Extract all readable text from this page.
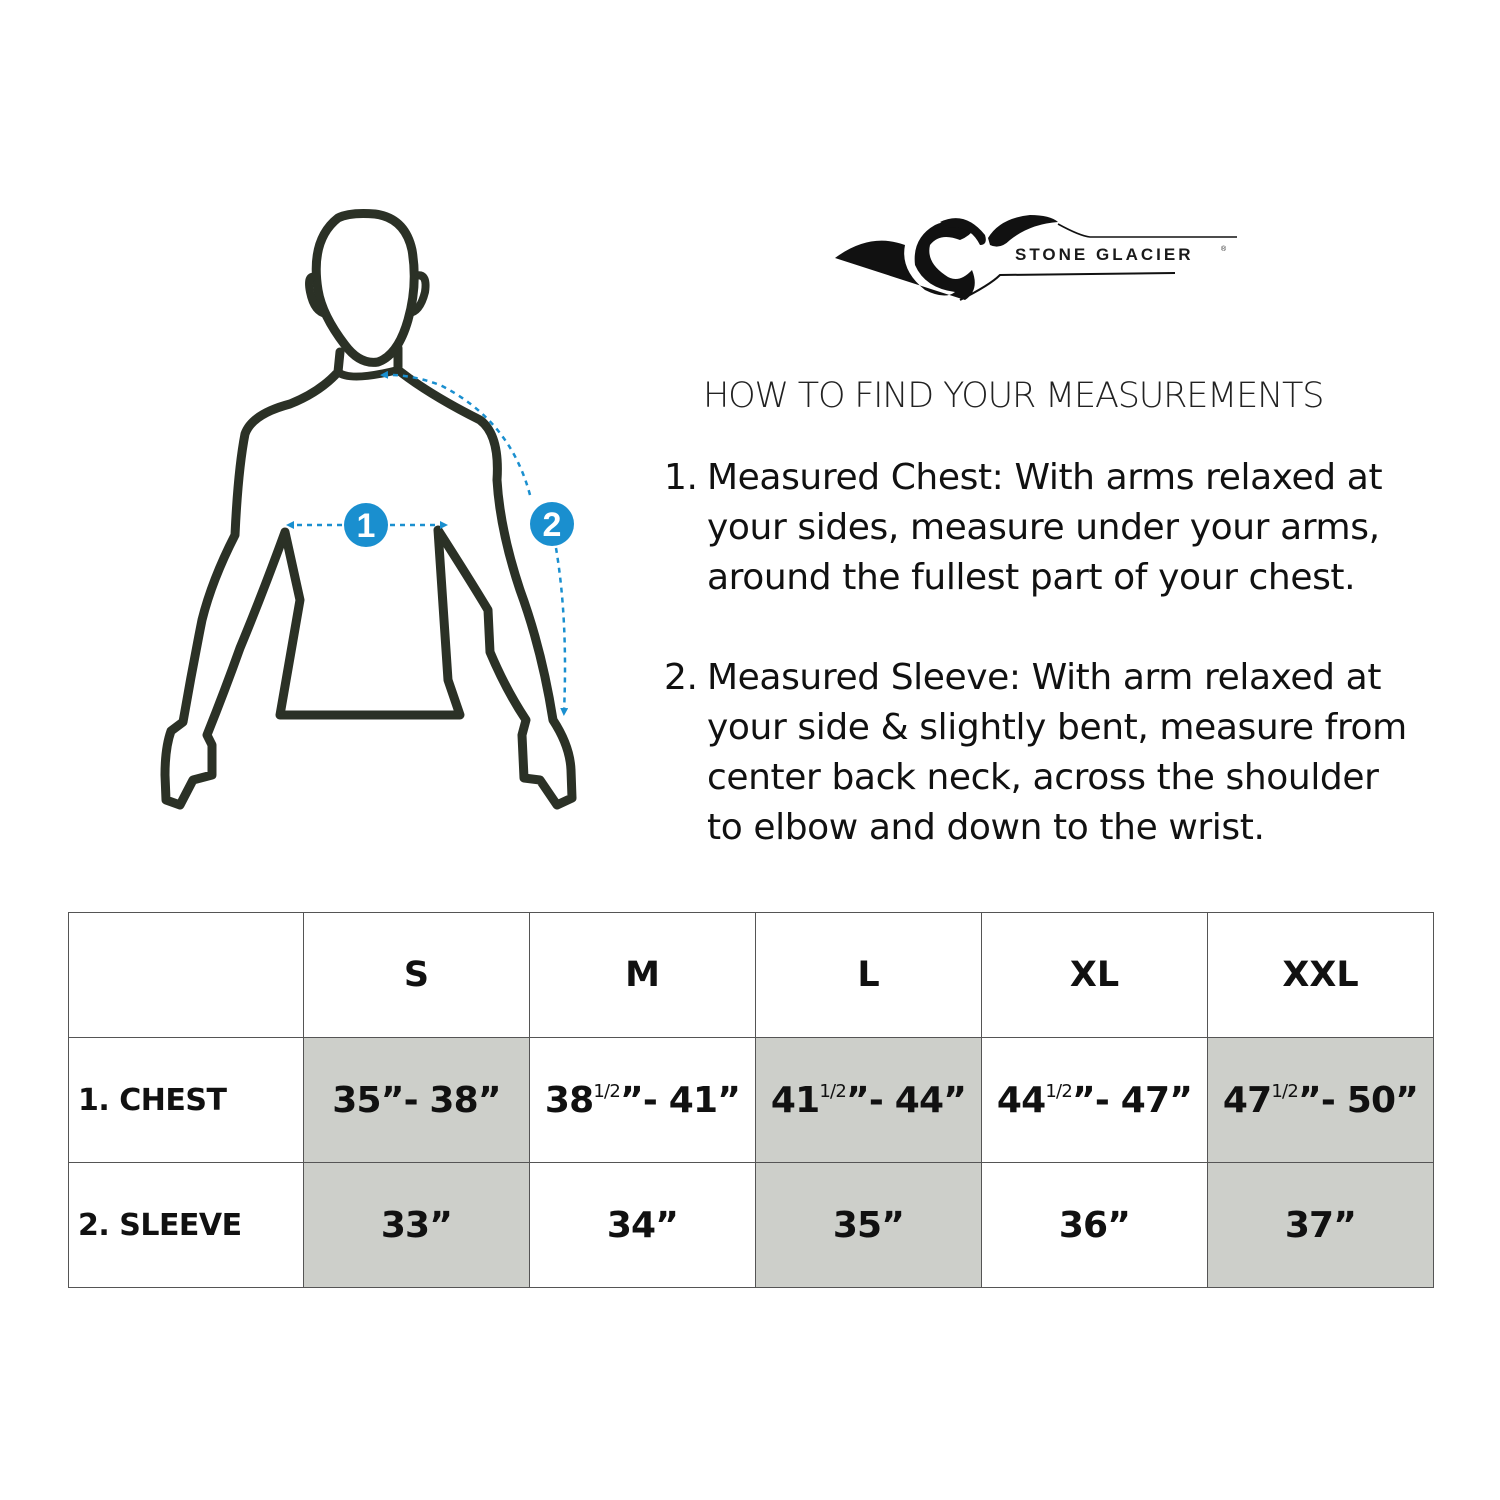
1	2
STONE GLACIER	®
HOW TO FIND YOUR MEASUREMENTS
1. Measured Chest: With arms relaxed at
your sides, measure under your arms,
around the fullest part of your chest.
2. Measured Sleeve: With arm relaxed at
your side & slightly bent, measure from
center back neck, across the shoulder
to elbow and down to the wrist.
	S	M	L	XL	XXL
1. CHEST	35”- 38”	$38^{1/2}”-$ 41”	$41^{1/2}”-$ 44”	$44^{1/2}”-$ 47”	$47^{1/2}”-$ 50”
2. SLEEVE	33”	34”	35”	36”	37”
